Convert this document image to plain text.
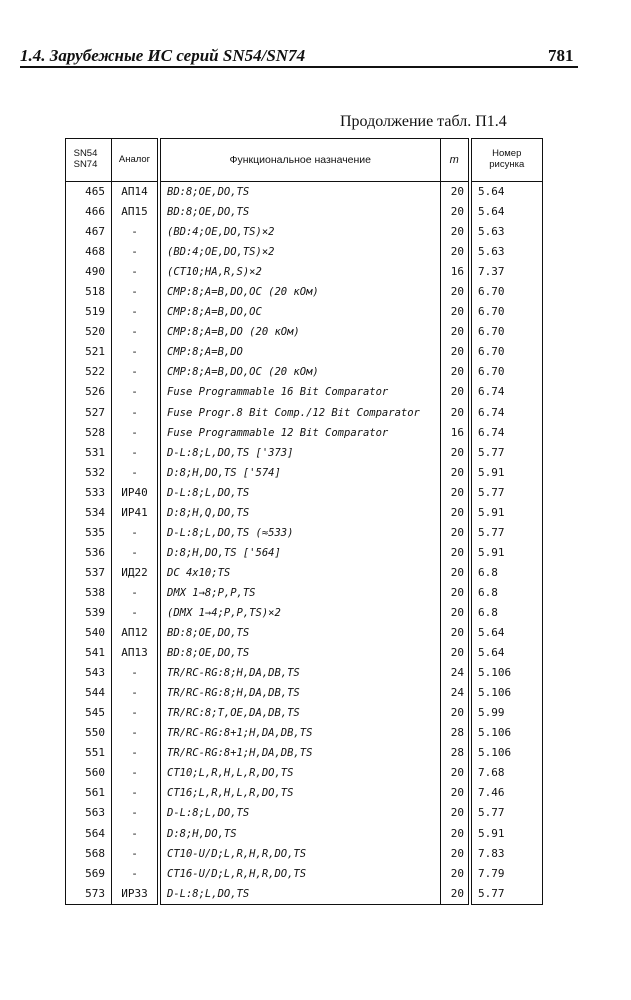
1.4. Зарубежные ИС серий SN54/SN74	781
Продолжение табл. П1.4
SN54
SN74	Аналог	Функциональное назначение	m	Номер
рисунка
465	АП14	BD:8;OE,DO,TS	20	5.64
466	АП15	BD:8;OE,DO,TS	20	5.64
467	-	(BD:4;OE,DO,TS)×2	20	5.63
468	-	(BD:4;OE,DO,TS)×2	20	5.63
490	-	(CT10;HA,R,S)×2	16	7.37
518	-	CMP:8;A=B,DO,OC (20 кОм)	20	6.70
519	-	CMP:8;A=B,DO,OC	20	6.70
520	-	CMP:8;A=B,DO (20 кОм)	20	6.70
521	-	CMP:8;A=B,DO	20	6.70
522	-	CMP:8;A=B,DO,OC (20 кОм)	20	6.70
526	-	Fuse Programmable 16 Bit Comparator	20	6.74
527	-	Fuse Progr.8 Bit Comp./12 Bit Comparator	20	6.74
528	-	Fuse Programmable 12 Bit Comparator	16	6.74
531	-	D-L:8;L,DO,TS ['373]	20	5.77
532	-	D:8;H,DO,TS ['574]	20	5.91
533	ИР40	D-L:8;L,DO,TS	20	5.77
534	ИР41	D:8;H,Q,DO,TS	20	5.91
535	-	D-L:8;L,DO,TS (≈533)	20	5.77
536	-	D:8;H,DO,TS ['564]	20	5.91
537	ИД22	DC 4x10;TS	20	6.8
538	-	DMX 1→8;P,P,TS	20	6.8
539	-	(DMX 1→4;P,P,TS)×2	20	6.8
540	АП12	BD:8;OE,DO,TS	20	5.64
541	АП13	BD:8;OE,DO,TS	20	5.64
543	-	TR/RC-RG:8;H,DA,DB,TS	24	5.106
544	-	TR/RC-RG:8;H,DA,DB,TS	24	5.106
545	-	TR/RC:8;T,OE,DA,DB,TS	20	5.99
550	-	TR/RC-RG:8+1;H,DA,DB,TS	28	5.106
551	-	TR/RC-RG:8+1;H,DA,DB,TS	28	5.106
560	-	CT10;L,R,H,L,R,DO,TS	20	7.68
561	-	CT16;L,R,H,L,R,DO,TS	20	7.46
563	-	D-L:8;L,DO,TS	20	5.77
564	-	D:8;H,DO,TS	20	5.91
568	-	CT10-U/D;L,R,H,R,DO,TS	20	7.83
569	-	CT16-U/D;L,R,H,R,DO,TS	20	7.79
573	ИР33	D-L:8;L,DO,TS	20	5.77
